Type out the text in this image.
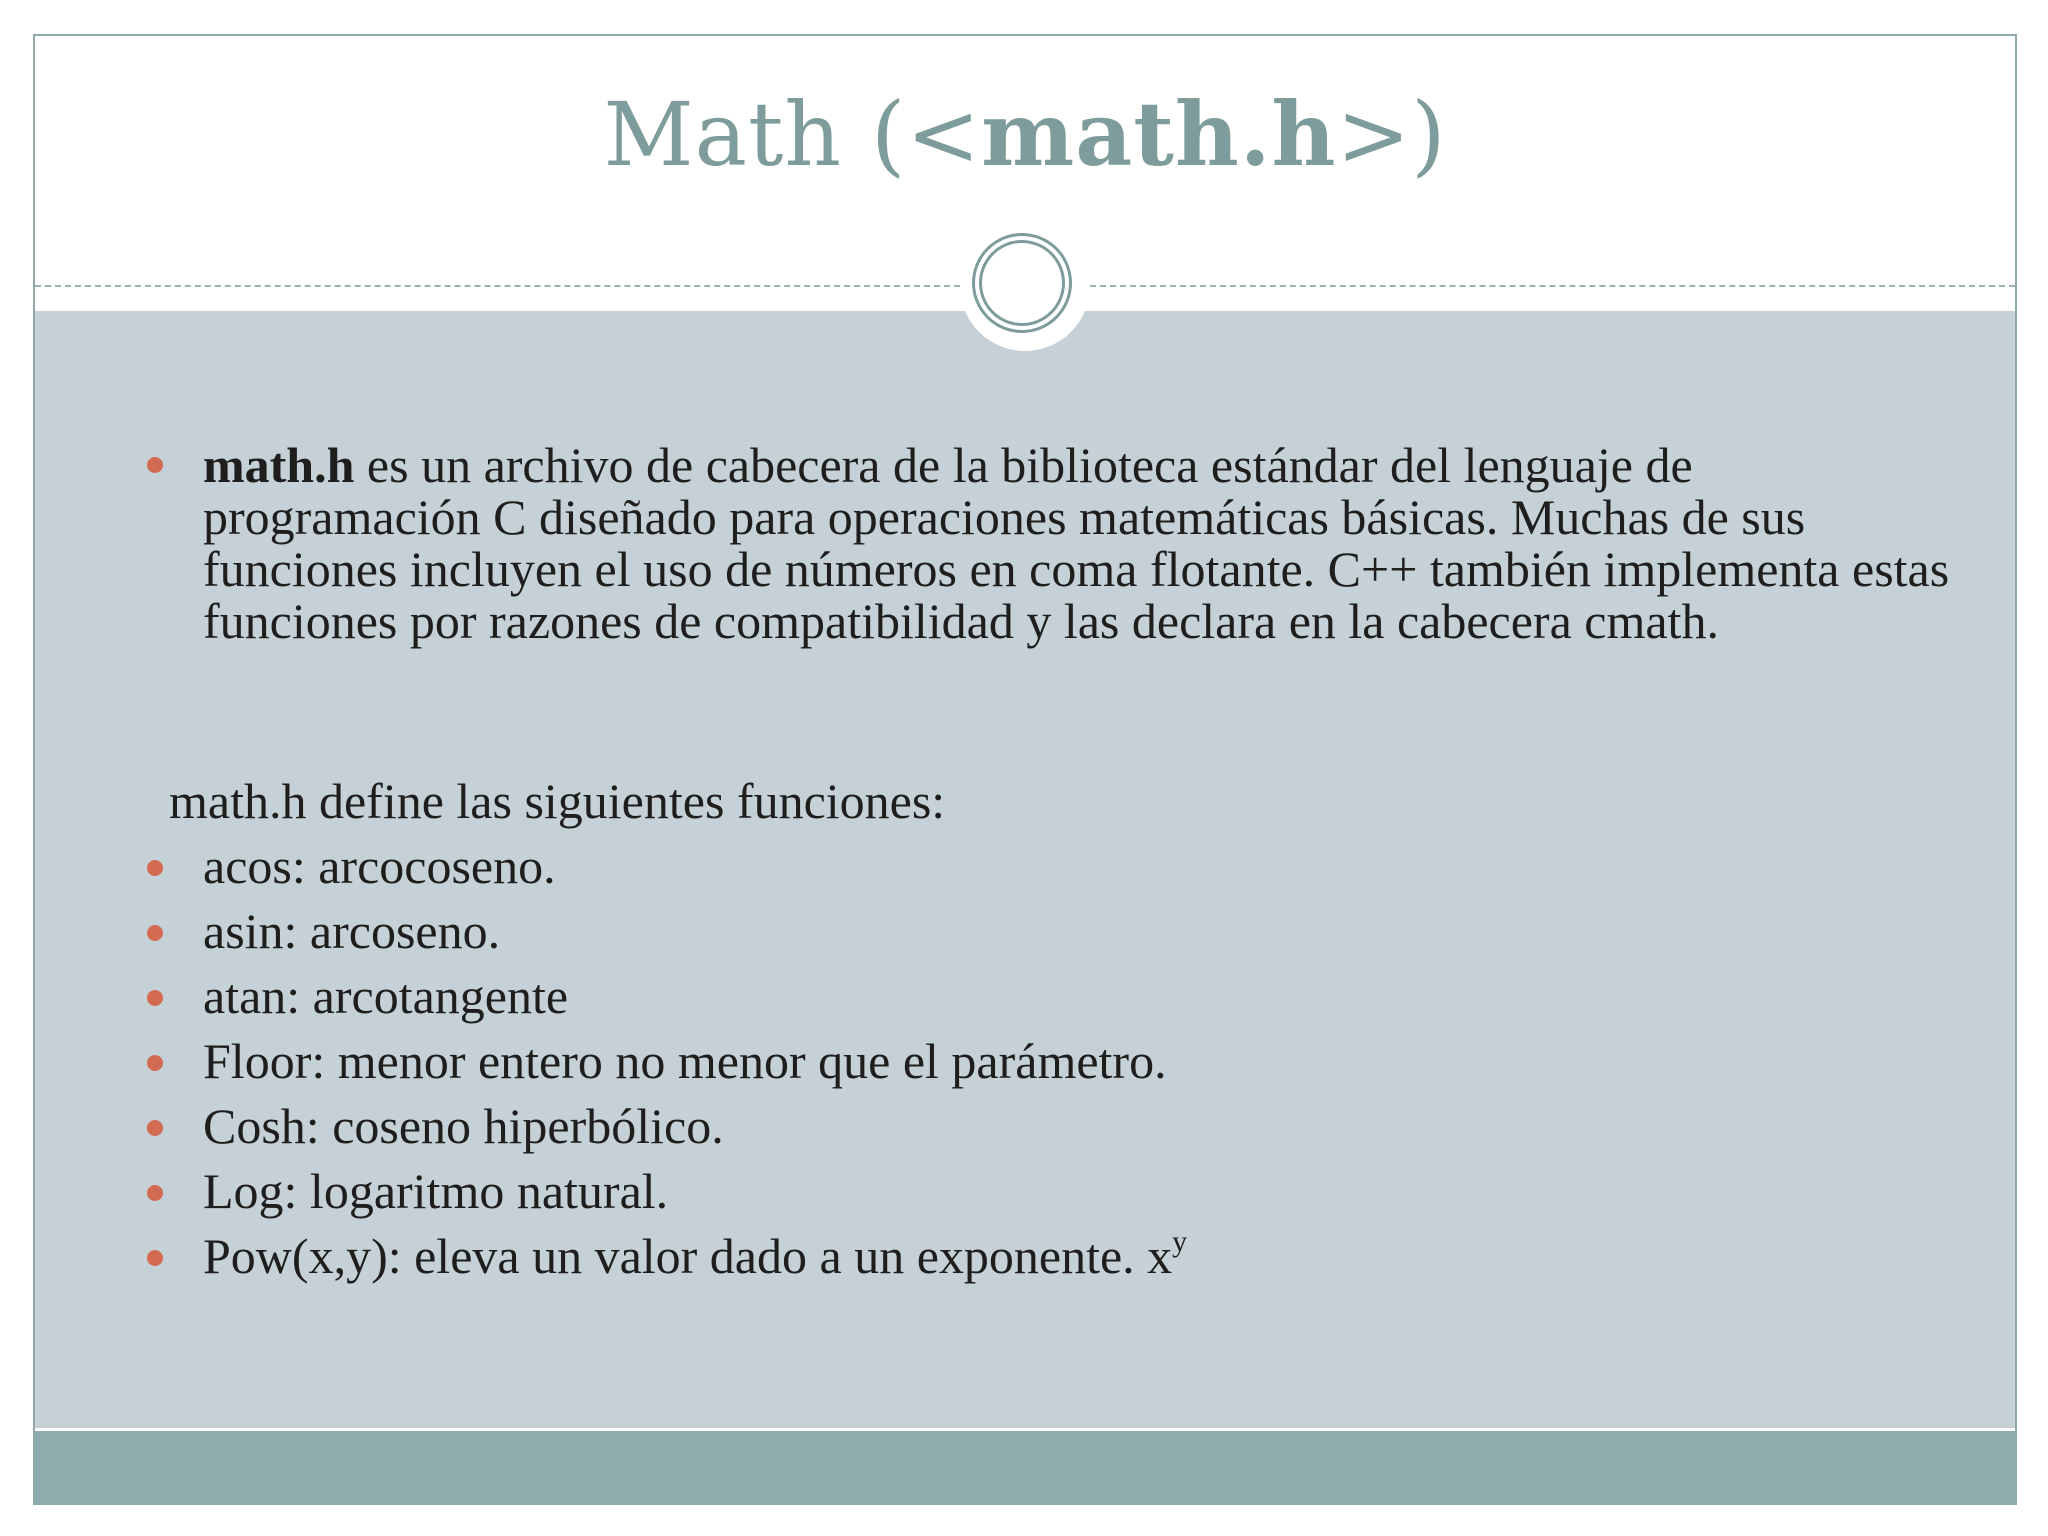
Math (<math.h>)
math.h es un archivo de cabecera de la biblioteca estándar del lenguaje de programación C diseñado para operaciones matemáticas básicas. Muchas de sus funciones incluyen el uso de números en coma flotante. C++ también implementa estas funciones por razones de compatibilidad y las declara en la cabecera cmath.
math.h define las siguientes funciones:
acos: arcocoseno.
asin: arcoseno.
atan: arcotangente
Floor: menor entero no menor que el parámetro.
Cosh: coseno hiperbólico.
Log: logaritmo natural.
Pow(x,y): eleva un valor dado a un exponente. $x^y$
